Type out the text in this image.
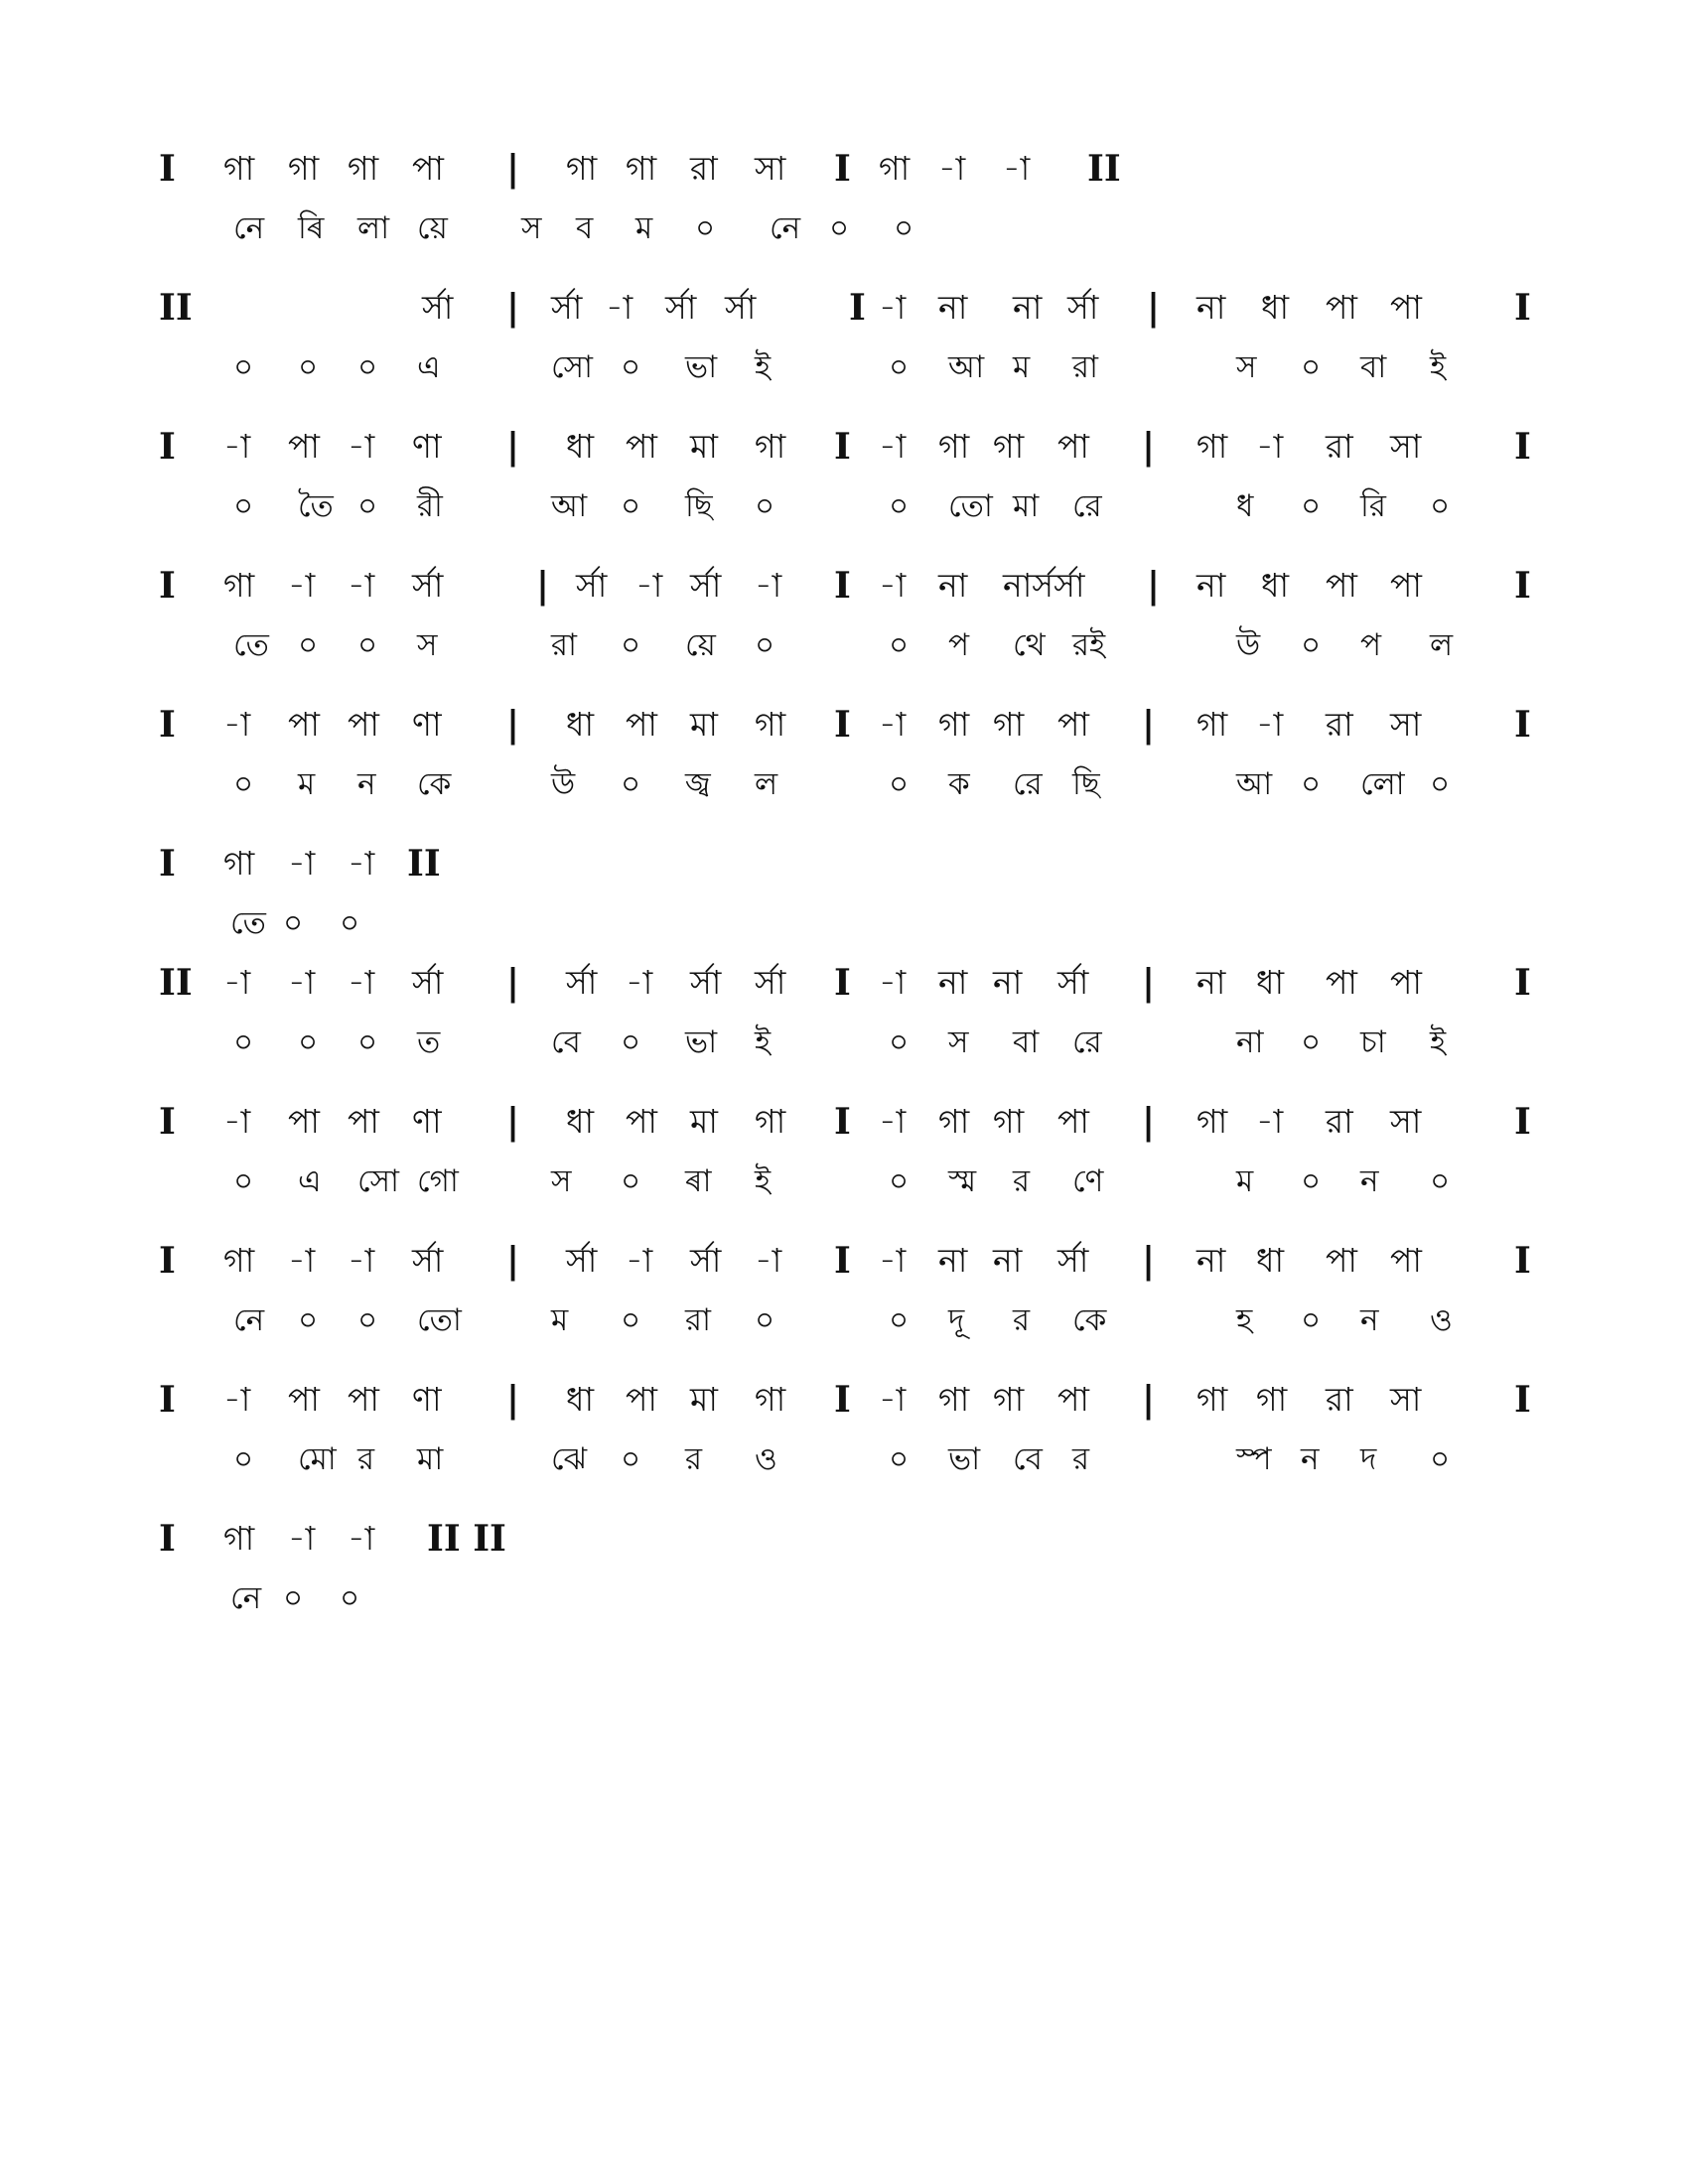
I গা গা গা পা | গা গা রা সা I গা -া -া II
নে ৰি লা য়ে স ব ম ০ নে ০ ০
II	র্সা | র্সা -া র্সা র্সা	I -া না না র্সা | না ধা পা পা	I
০ ০ ০ এ	সো ০ ভা ই	০ আ ম রা	স ০ বা ই
I -া পা -া ণা | ধা পা মা গা I -া গা গা পা | গা -া রা সা	I
০ তৈ ০ রী	আ ০ ছি ০	০ তো মা রে	ধ ০ রি ০
I গা -া -া র্সা	| র্সা -া র্সা -া I -া না নার্সর্সা | না ধা পা পা	I
তে ০ ০ স	রা ০ য়ে ০	০ প থে রই	উ ০ প ল
I -া পা পা ণা | ধা পা মা গা I -া গা গা পা | গা -া রা সা	I
০ ম ন কে	উ ০ জ্ব ল	০ ক রে ছি	আ ০ লো ০
I গা -া -া II
তে ০ ০
II -া -া -া র্সা | র্সা -া র্সা র্সা I -া না না র্সা | না ধা পা পা	I
০ ০ ০ ত	বে ০ ভা ই	০ স বা রে	না ০ চা ই
I -া পা পা ণা | ধা পা মা গা I -া গা গা পা | গা -া রা সা	I
০ এ সো গো	স ০ ৰা ই	০ স্ম র ণে	ম ০ ন ০
I গা -া -া র্সা | র্সা -া র্সা -া I -া না না র্সা | না ধা পা পা	I
নে ০ ০ তো	ম ০ রা ০	০ দূ র কে	হ ০ ন ও
I -া পা পা ণা | ধা পা মা গা I -া গা গা পা | গা গা রা সা	I
০ মো র মা	ঝে ০ র ও	০ ভা বে র	স্প ন দ ০
I গা -া -া II II
নে ০ ০
